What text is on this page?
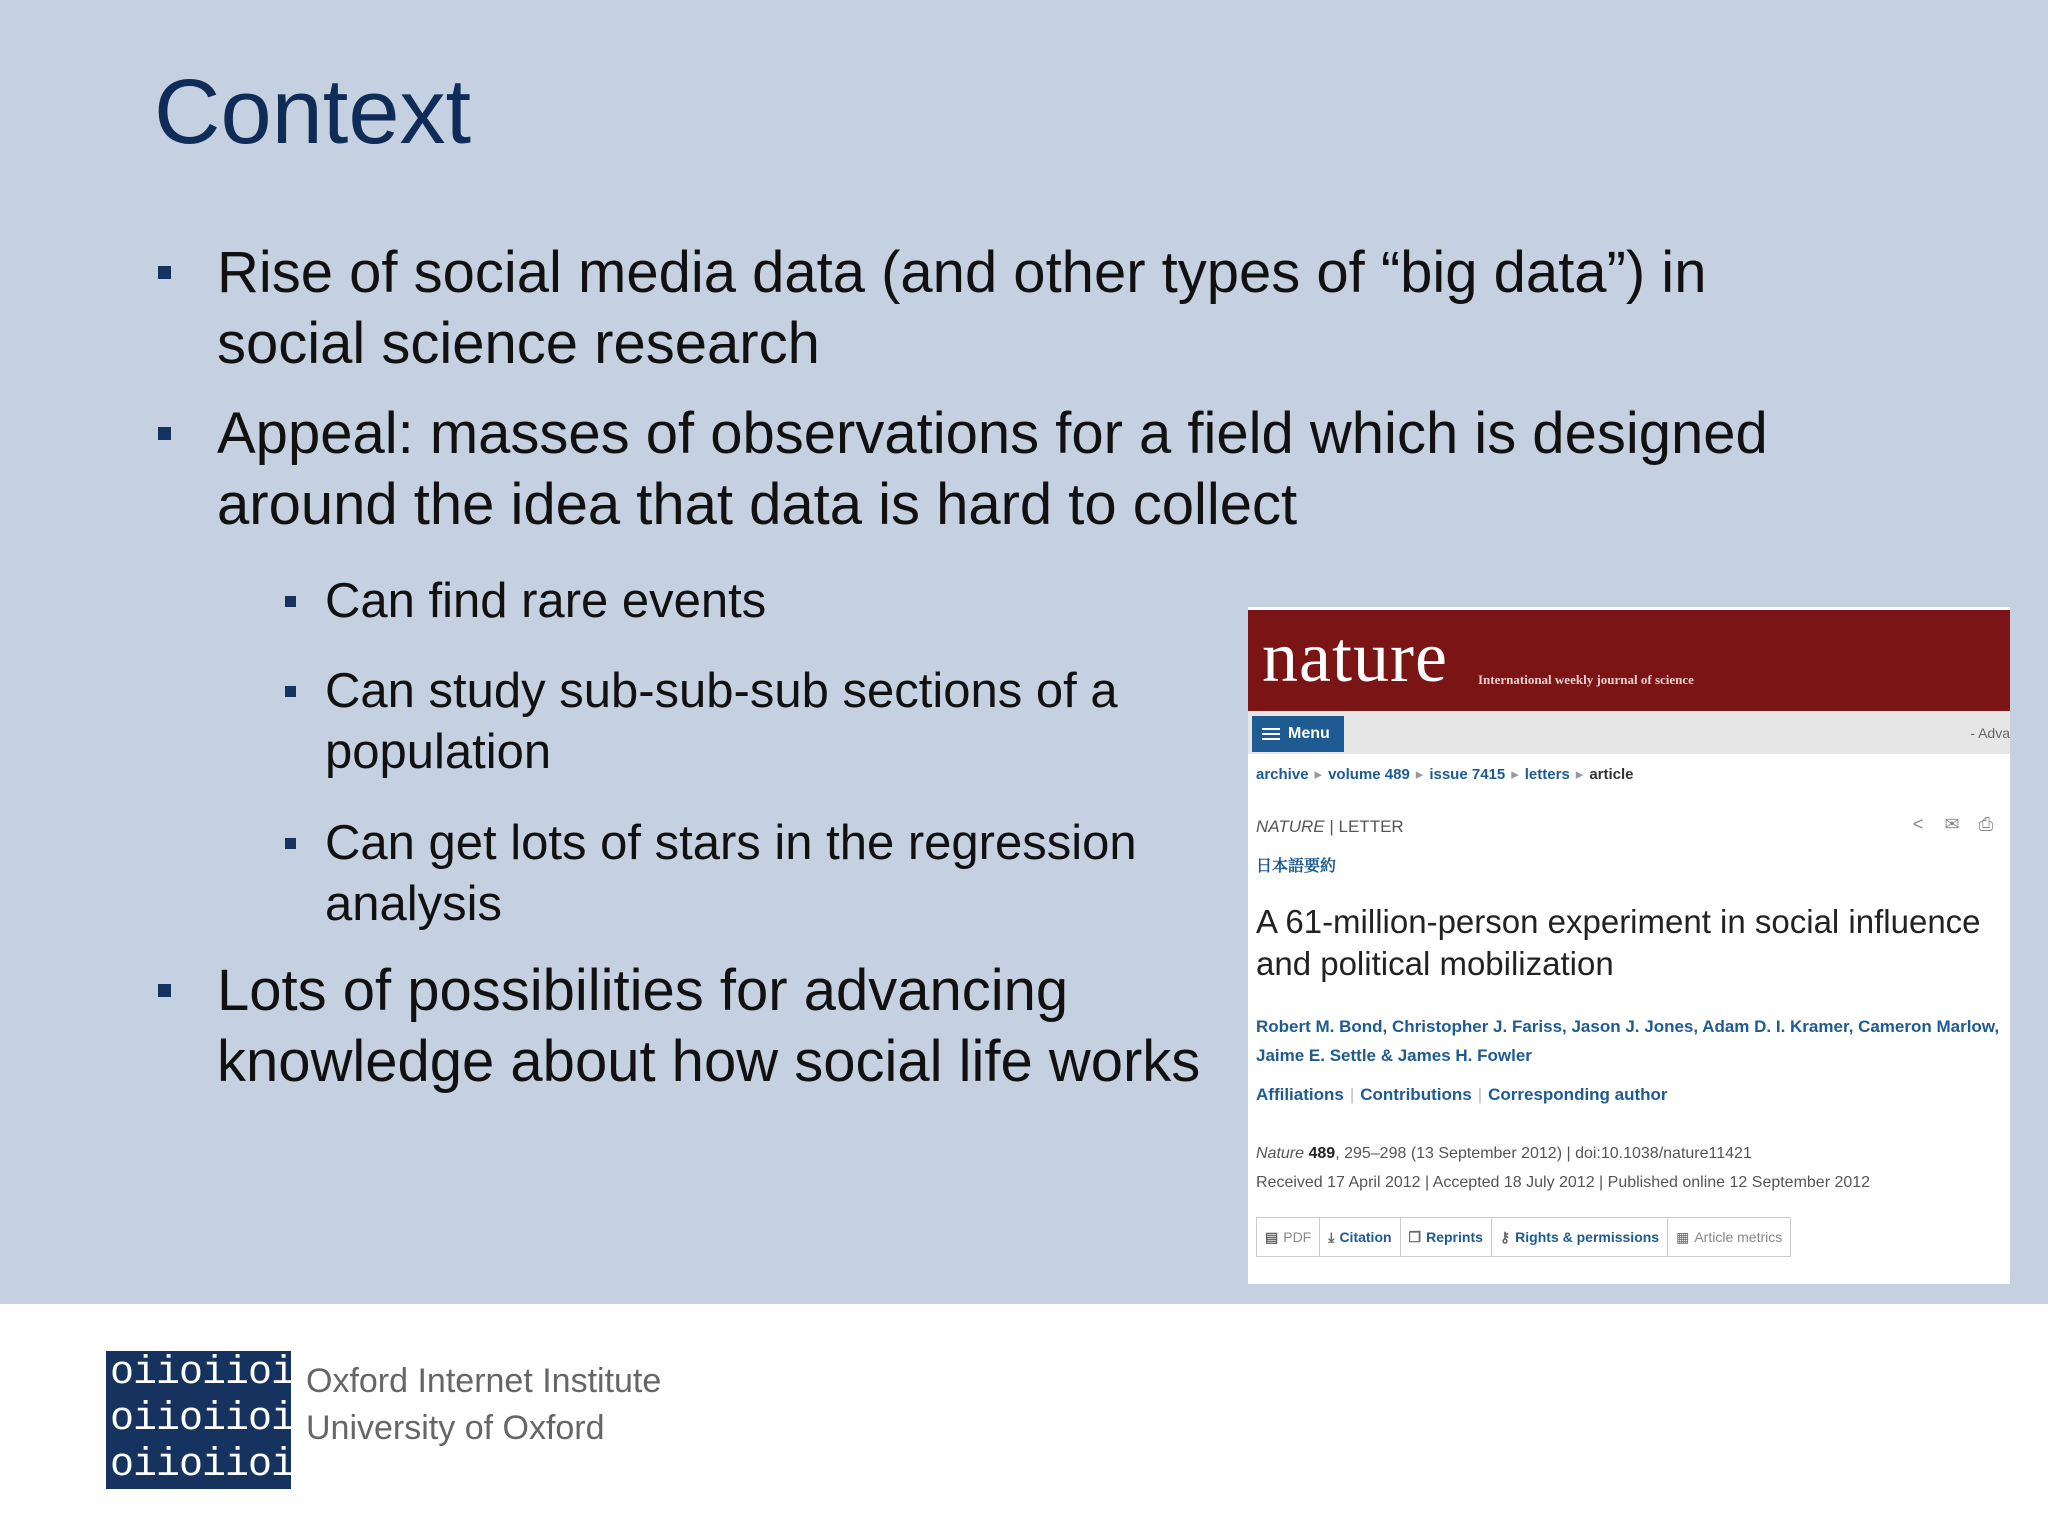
Context
Rise of social media data (and other types of “big data”) in social science research
Appeal: masses of observations for a field which is designed around the idea that data is hard to collect
Can find rare events
Can study sub-sub-sub sections of a population
Can get lots of stars in the regression analysis
Lots of possibilities for advancing knowledge about how social life works
nature International weekly journal of science
Menu	- Adva
archive ▸ volume 489 ▸ issue 7415 ▸ letters ▸ article
NATURE | LETTER	< ✉ ⎙
日本語要約
A 61-million-person experiment in social influence and political mobilization
Robert M. Bond, Christopher J. Fariss, Jason J. Jones, Adam D. I. Kramer, Cameron Marlow, Jaime E. Settle & James H. Fowler
Affiliations | Contributions | Corresponding author
Nature 489, 295–298 (13 September 2012) | doi:10.1038/nature11421
Received 17 April 2012 | Accepted 18 July 2012 | Published online 12 September 2012
▤ PDF ⤓ Citation ❐ Reprints ⚷ Rights & permissions ▦ Article metrics
oiioiioii
oiioiioii
oiioiioii
Oxford Internet Institute
University of Oxford
